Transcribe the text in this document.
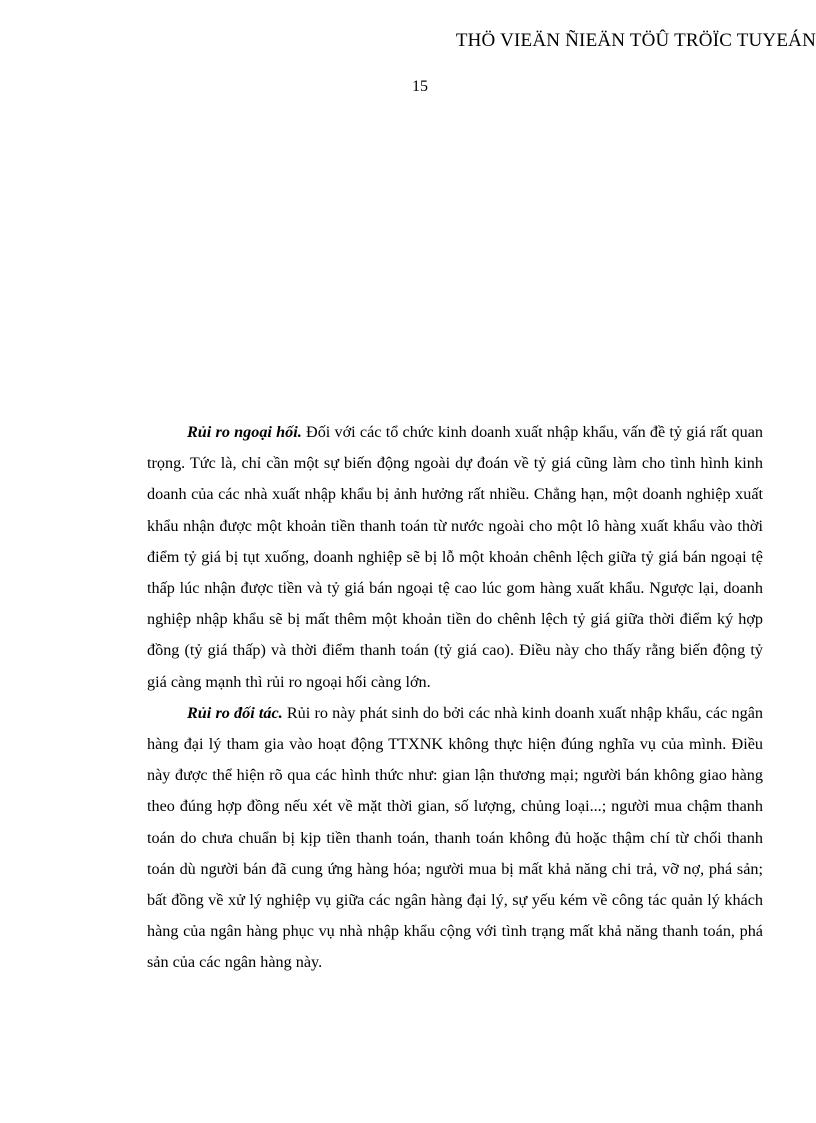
THÖ VIEÄN ÑIEÄN TÖÛ TRÖÏC TUYEÁN
15

Rủi ro ngoại hối. Đối với các tổ chức kinh doanh xuất nhập khẩu, vấn đề tỷ giá rất quan trọng. Tức là, chỉ cần một sự biến động ngoài dự đoán về tỷ giá cũng làm cho tình hình kinh doanh của các nhà xuất nhập khẩu bị ảnh hưởng rất nhiều. Chẳng hạn, một doanh nghiệp xuất khẩu nhận được một khoản tiền thanh toán từ nước ngoài cho một lô hàng xuất khẩu vào thời điểm tỷ giá bị tụt xuống, doanh nghiệp sẽ bị lỗ một khoản chênh lệch giữa tỷ giá bán ngoại tệ thấp lúc nhận được tiền và tỷ giá bán ngoại tệ cao lúc gom hàng xuất khẩu. Ngược lại, doanh nghiệp nhập khẩu sẽ bị mất thêm một khoản tiền do chênh lệch tỷ giá giữa thời điểm ký hợp đồng (tỷ giá thấp) và thời điểm thanh toán (tỷ giá cao). Điều này cho thấy rằng biến động tỷ giá càng mạnh thì rủi ro ngoại hối càng lớn.

Rủi ro đối tác. Rủi ro này phát sinh do bởi các nhà kinh doanh xuất nhập khẩu, các ngân hàng đại lý tham gia vào hoạt động TTXNK không thực hiện đúng nghĩa vụ của mình. Điều này được thể hiện rõ qua các hình thức như: gian lận thương mại; người bán không giao hàng theo đúng hợp đồng nếu xét về mặt thời gian, số lượng, chủng loại...; người mua chậm thanh toán do chưa chuẩn bị kịp tiền thanh toán, thanh toán không đủ hoặc thậm chí từ chối thanh toán dù người bán đã cung ứng hàng hóa; người mua bị mất khả năng chi trả, vỡ nợ, phá sản; bất đồng về xử lý nghiệp vụ giữa các ngân hàng đại lý, sự yếu kém về công tác quản lý khách hàng của ngân hàng phục vụ nhà nhập khẩu cộng với tình trạng mất khả năng thanh toán, phá sản của các ngân hàng này.
